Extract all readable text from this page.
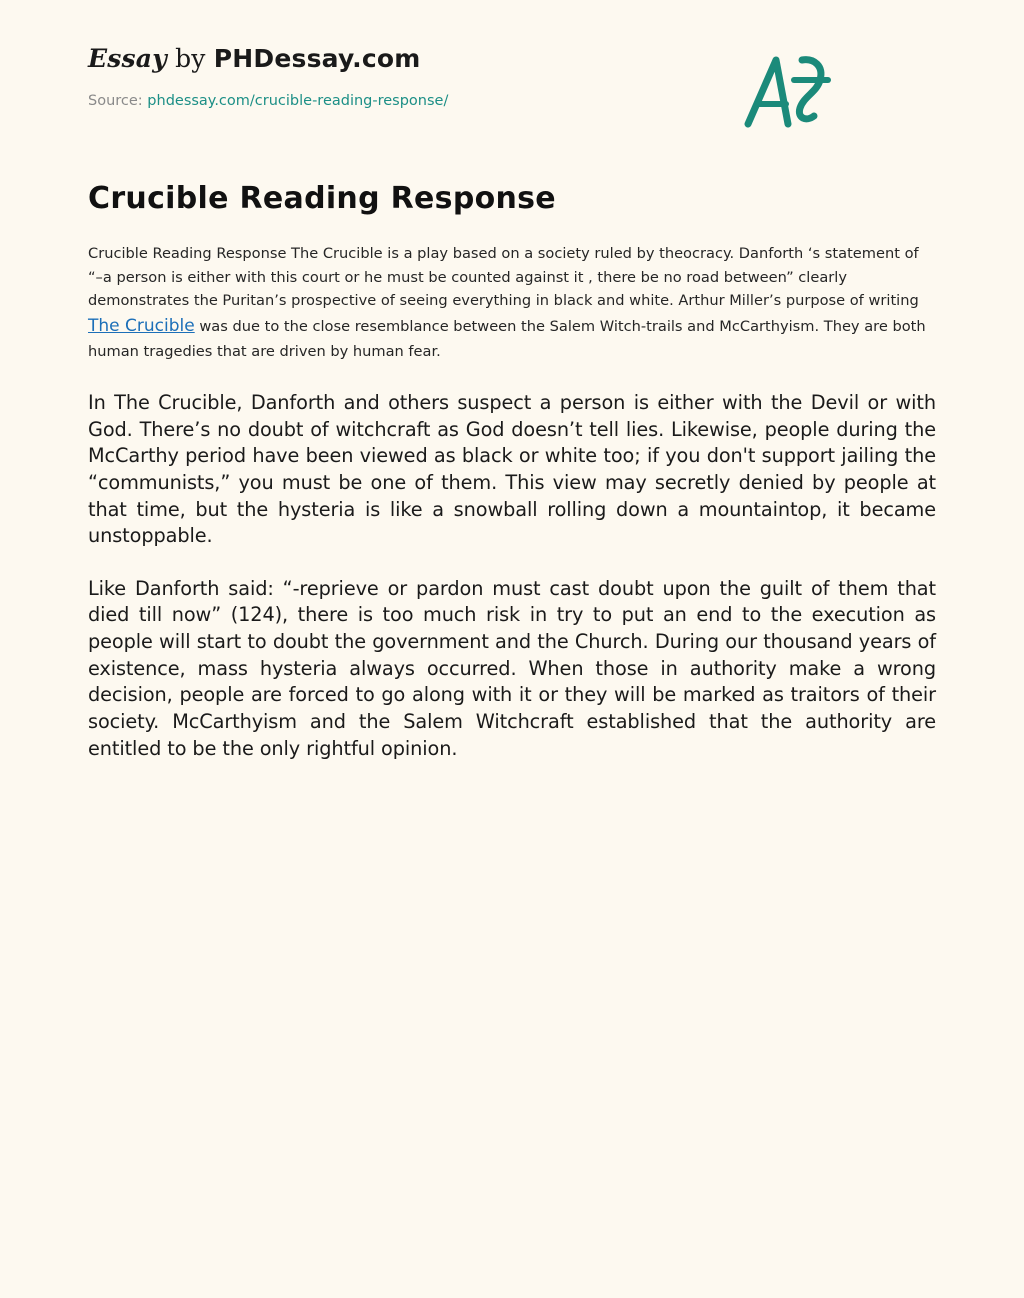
Essay by PHDessay.com
Source: phdessay.com/crucible-reading-response/
Crucible Reading Response
Crucible Reading Response The Crucible is a play based on a society ruled by theocracy. Danforth ‘s statement of “–a person is either with this court or he must be counted against it , there be no road between” clearly demonstrates the Puritan’s prospective of seeing everything in black and white. Arthur Miller’s purpose of writing The Crucible was due to the close resemblance between the Salem Witch-trails and McCarthyism. They are both human tragedies that are driven by human fear.

In The Crucible, Danforth and others suspect a person is either with the Devil or with God. There’s no doubt of witchcraft as God doesn’t tell lies. Likewise, people during the McCarthy period have been viewed as black or white too; if you don't support jailing the “communists,” you must be one of them. This view may secretly denied by people at that time, but the hysteria is like a snowball rolling down a mountaintop, it became unstoppable.

Like Danforth said: “-reprieve or pardon must cast doubt upon the guilt of them that died till now” (124), there is too much risk in try to put an end to the execution as people will start to doubt the government and the Church. During our thousand years of existence, mass hysteria always occurred. When those in authority make a wrong decision, people are forced to go along with it or they will be marked as traitors of their society. McCarthyism and the Salem Witchcraft established that the authority are entitled to be the only rightful opinion.
